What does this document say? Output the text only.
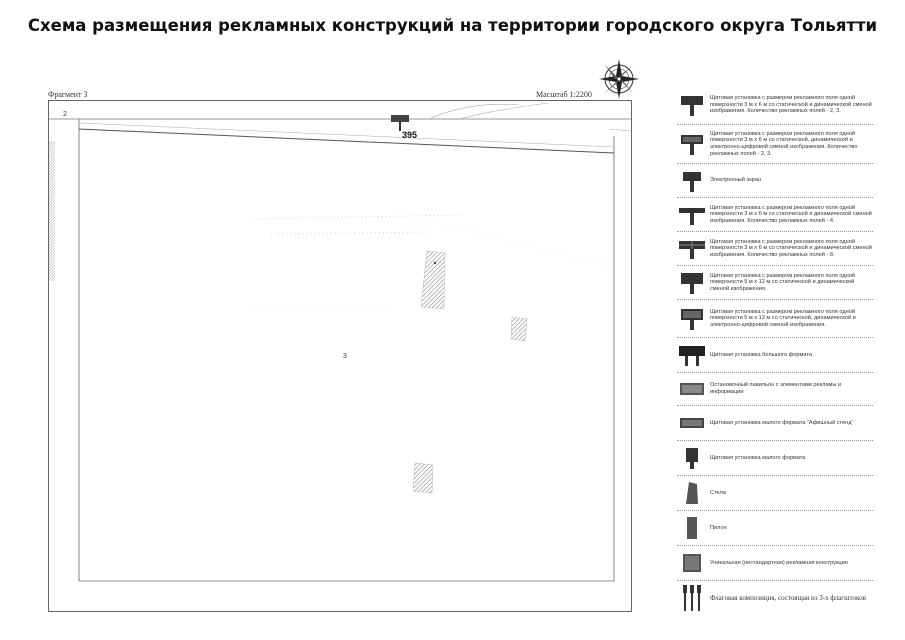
Схема размещения рекламных конструкций на территории городского округа Тольятти
Фрагмент 3	Масштаб 1:2200
2
3
395
Щитовая установка с размером рекламного поля одной поверхности 3 м х 6 м со статической и динамической сменой изображения. Количество рекламных полей - 2, 3.
Щитовая установка с размером рекламного поля одной поверхности 3 м х 6 м со статической, динамической и электронно-цифровой сменой изображения. Количество рекламных полей - 2, 3.
Электронный экран
Щитовая установка с размером рекламного поля одной поверхности 3 м х 6 м со статической и динамической сменой изображения. Количество рекламных полей - 4.
Щитовая установка с размером рекламного поля одной поверхности 3 м х 6 м со статической и динамической сменой изображения. Количество рекламных полей - 8.
Щитовая установка с размером рекламного поля одной поверхности 5 м х 12 м со статической и динамической сменой изображения.
Щитовая установка с размером рекламного поля одной поверхности 5 м х 12 м со статической, динамической и электронно-цифровой сменой изображения.
Щитовая установка большого формата
Остановочный павильон с элементами рекламы и информации
Щитовая установка малого формата "Афишный стенд"
Щитовая установка малого формата
Стела
Пилон
Уникальная (нестандартная) рекламная конструкция
Флаговая композиция, состоящая из 3-х флагштоков
